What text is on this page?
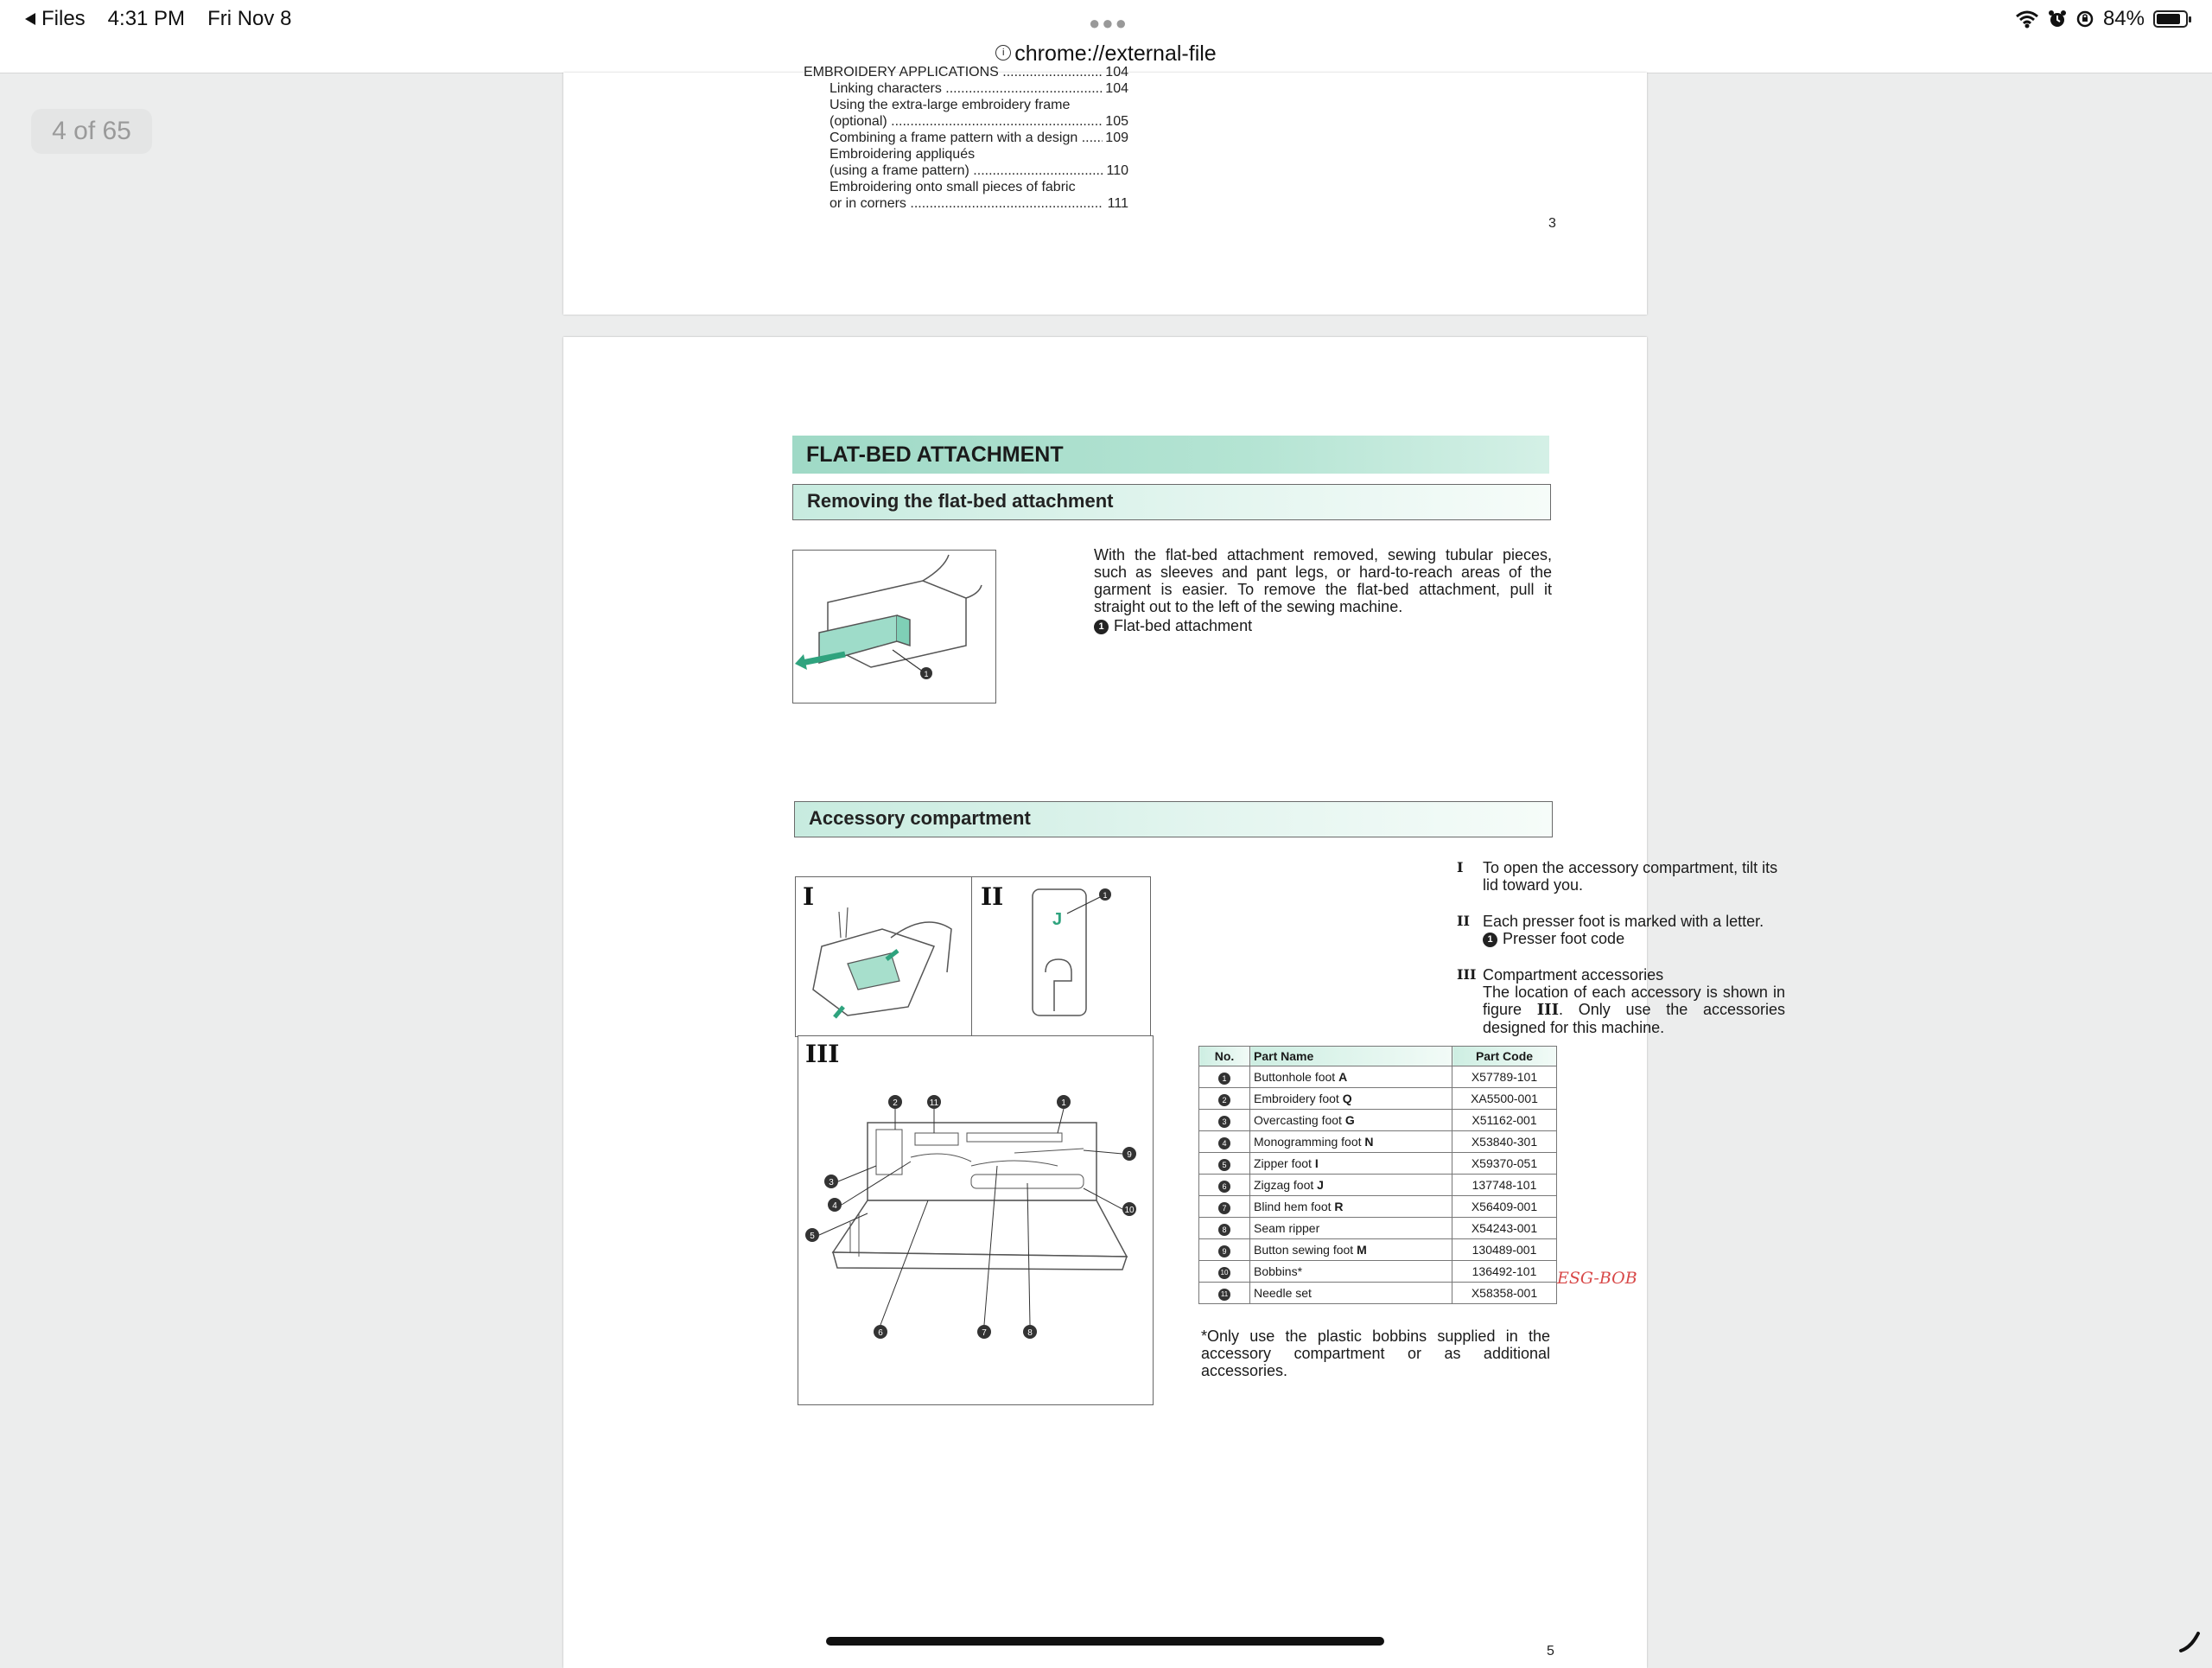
Files 4:31 PM Fri Nov 8	●●●	84%
i chrome://external-file
4 of 65
EMBROIDERY APPLICATIONS .....	104
Linking characters .....	104
Using the extra-large embroidery frame
(optional) .....	105
Combining a frame pattern with a design .....	109
Embroidering appliqués
(using a frame pattern) .....	110
Embroidering onto small pieces of fabric
or in corners .....	111
3
FLAT-BED ATTACHMENT
Removing the flat-bed attachment
1
With the flat-bed attachment removed, sewing tubular pieces, such as sleeves and pant legs, or hard-to-reach areas of the garment is easier. To remove the flat-bed attachment, pull it straight out to the left of the sewing machine.
1 Flat-bed attachment
Accessory compartment
I	II	1
J
III
2	11	1
3
4
5
9
10
6	7	8
I To open the accessory compartment, tilt its lid toward you.
II Each presser foot is marked with a letter.
1 Presser foot code
III Compartment accessories
The location of each accessory is shown in figure III. Only use the accessories designed for this machine.
No.	Part Name	Part Code
1	Buttonhole foot A	X57789-101
2	Embroidery foot Q	XA5500-001
3	Overcasting foot G	X51162-001
4	Monogramming foot N	X53840-301
5	Zipper foot I	X59370-051
6	Zigzag foot J	137748-101
7	Blind hem foot R	X56409-001
8	Seam ripper	X54243-001
9	Button sewing foot M	130489-001
10	Bobbins*	136492-101
11	Needle set	X58358-001
ESG-BOB
*Only use the plastic bobbins supplied in the accessory compartment or as additional accessories.
5
